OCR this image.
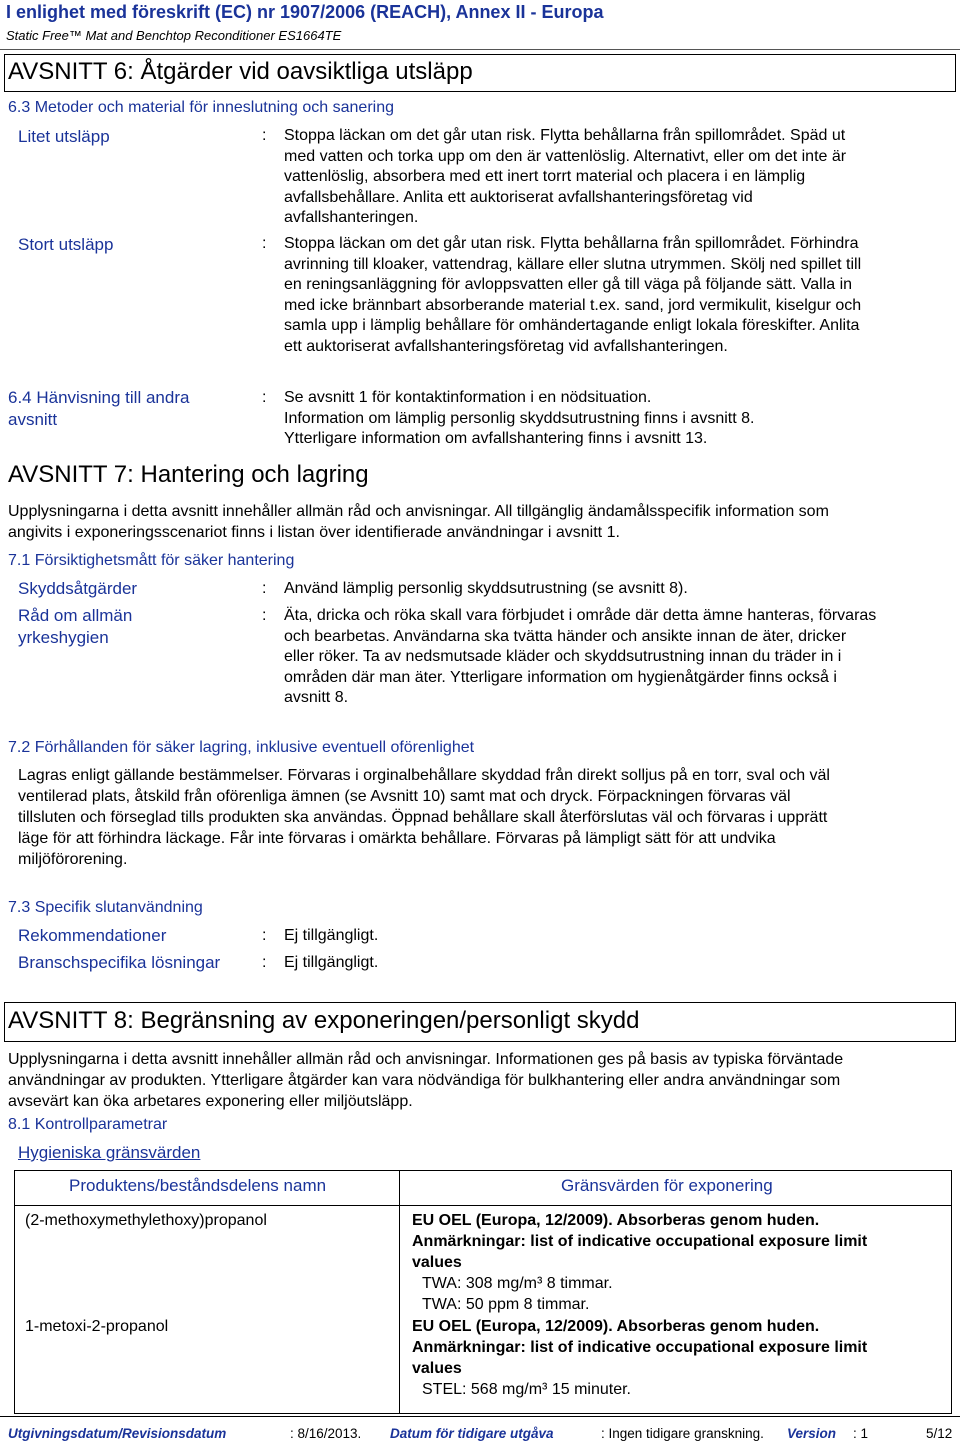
I enlighet med föreskrift (EC) nr 1907/2006 (REACH), Annex II - Europa
Static Free™ Mat and Benchtop Reconditioner ES1664TE
AVSNITT 6: Åtgärder vid oavsiktliga utsläpp
6.3 Metoder och material för inneslutning och sanering
Litet utsläpp	: Stoppa läckan om det går utan risk. Flytta behållarna från spillområdet. Späd ut
med vatten och torka upp om den är vattenlöslig. Alternativt, eller om det inte är
vattenlöslig, absorbera med ett inert torrt material och placera i en lämplig
avfallsbehållare. Anlita ett auktoriserat avfallshanteringsföretag vid
avfallshanteringen.
Stort utsläpp	: Stoppa läckan om det går utan risk. Flytta behållarna från spillområdet. Förhindra
avrinning till kloaker, vattendrag, källare eller slutna utrymmen. Skölj ned spillet till
en reningsanläggning för avloppsvatten eller gå till väga på följande sätt. Valla in
med icke brännbart absorberande material t.ex. sand, jord vermikulit, kiselgur och
samla upp i lämplig behållare för omhändertagande enligt lokala föreskifter. Anlita
ett auktoriserat avfallshanteringsföretag vid avfallshanteringen.
6.4 Hänvisning till andra
avsnitt
: Se avsnitt 1 för kontaktinformation i en nödsituation.
Information om lämplig personlig skyddsutrustning finns i avsnitt 8.
Ytterligare information om avfallshantering finns i avsnitt 13.
AVSNITT 7: Hantering och lagring
Upplysningarna i detta avsnitt innehåller allmän råd och anvisningar. All tillgänglig ändamålsspecifik information som
angivits i exponeringsscenariot finns i listan över identifierade användningar i avsnitt 1.
7.1 Försiktighetsmått för säker hantering
Skyddsåtgärder	: Använd lämplig personlig skyddsutrustning (se avsnitt 8).
Råd om allmän
yrkeshygien
: Äta, dricka och röka skall vara förbjudet i område där detta ämne hanteras, förvaras
och bearbetas. Användarna ska tvätta händer och ansikte innan de äter, dricker
eller röker. Ta av nedsmutsade kläder och skyddsutrustning innan du träder in i
områden där man äter. Ytterligare information om hygienåtgärder finns också i
avsnitt 8.
7.2 Förhållanden för säker lagring, inklusive eventuell oförenlighet
Lagras enligt gällande bestämmelser. Förvaras i orginalbehållare skyddad från direkt solljus på en torr, sval och väl
ventilerad plats, åtskild från oförenliga ämnen (se Avsnitt 10) samt mat och dryck. Förpackningen förvaras väl
tillsluten och förseglad tills produkten ska användas. Öppnad behållare skall återförslutas väl och förvaras i upprätt
läge för att förhindra läckage. Får inte förvaras i omärkta behållare. Förvaras på lämpligt sätt för att undvika
miljöförorening.
7.3 Specifik slutanvändning
Rekommendationer	: Ej tillgängligt.
Branschspecifika lösningar	: Ej tillgängligt.
AVSNITT 8: Begränsning av exponeringen/personligt skydd
Upplysningarna i detta avsnitt innehåller allmän råd och anvisningar. Informationen ges på basis av typiska förväntade
användningar av produkten. Ytterligare åtgärder kan vara nödvändiga för bulkhantering eller andra användningar som
avsevärt kan öka arbetares exponering eller miljöutsläpp.
8.1 Kontrollparametrar
Hygieniska gränsvärden
Produktens/beståndsdelens namn	Gränsvärden för exponering
(2-methoxymethylethoxy)propanol	EU OEL (Europa, 12/2009). Absorberas genom huden.
Anmärkningar: list of indicative occupational exposure limit
values
TWA: 308 mg/m³ 8 timmar.
TWA: 50 ppm 8 timmar.
1-metoxi-2-propanol	EU OEL (Europa, 12/2009). Absorberas genom huden.
Anmärkningar: list of indicative occupational exposure limit
values
STEL: 568 mg/m³ 15 minuter.
Utgivningsdatum/Revisionsdatum	: 8/16/2013. Datum för tidigare utgåva	: Ingen tidigare granskning. Version : 1	5/12
